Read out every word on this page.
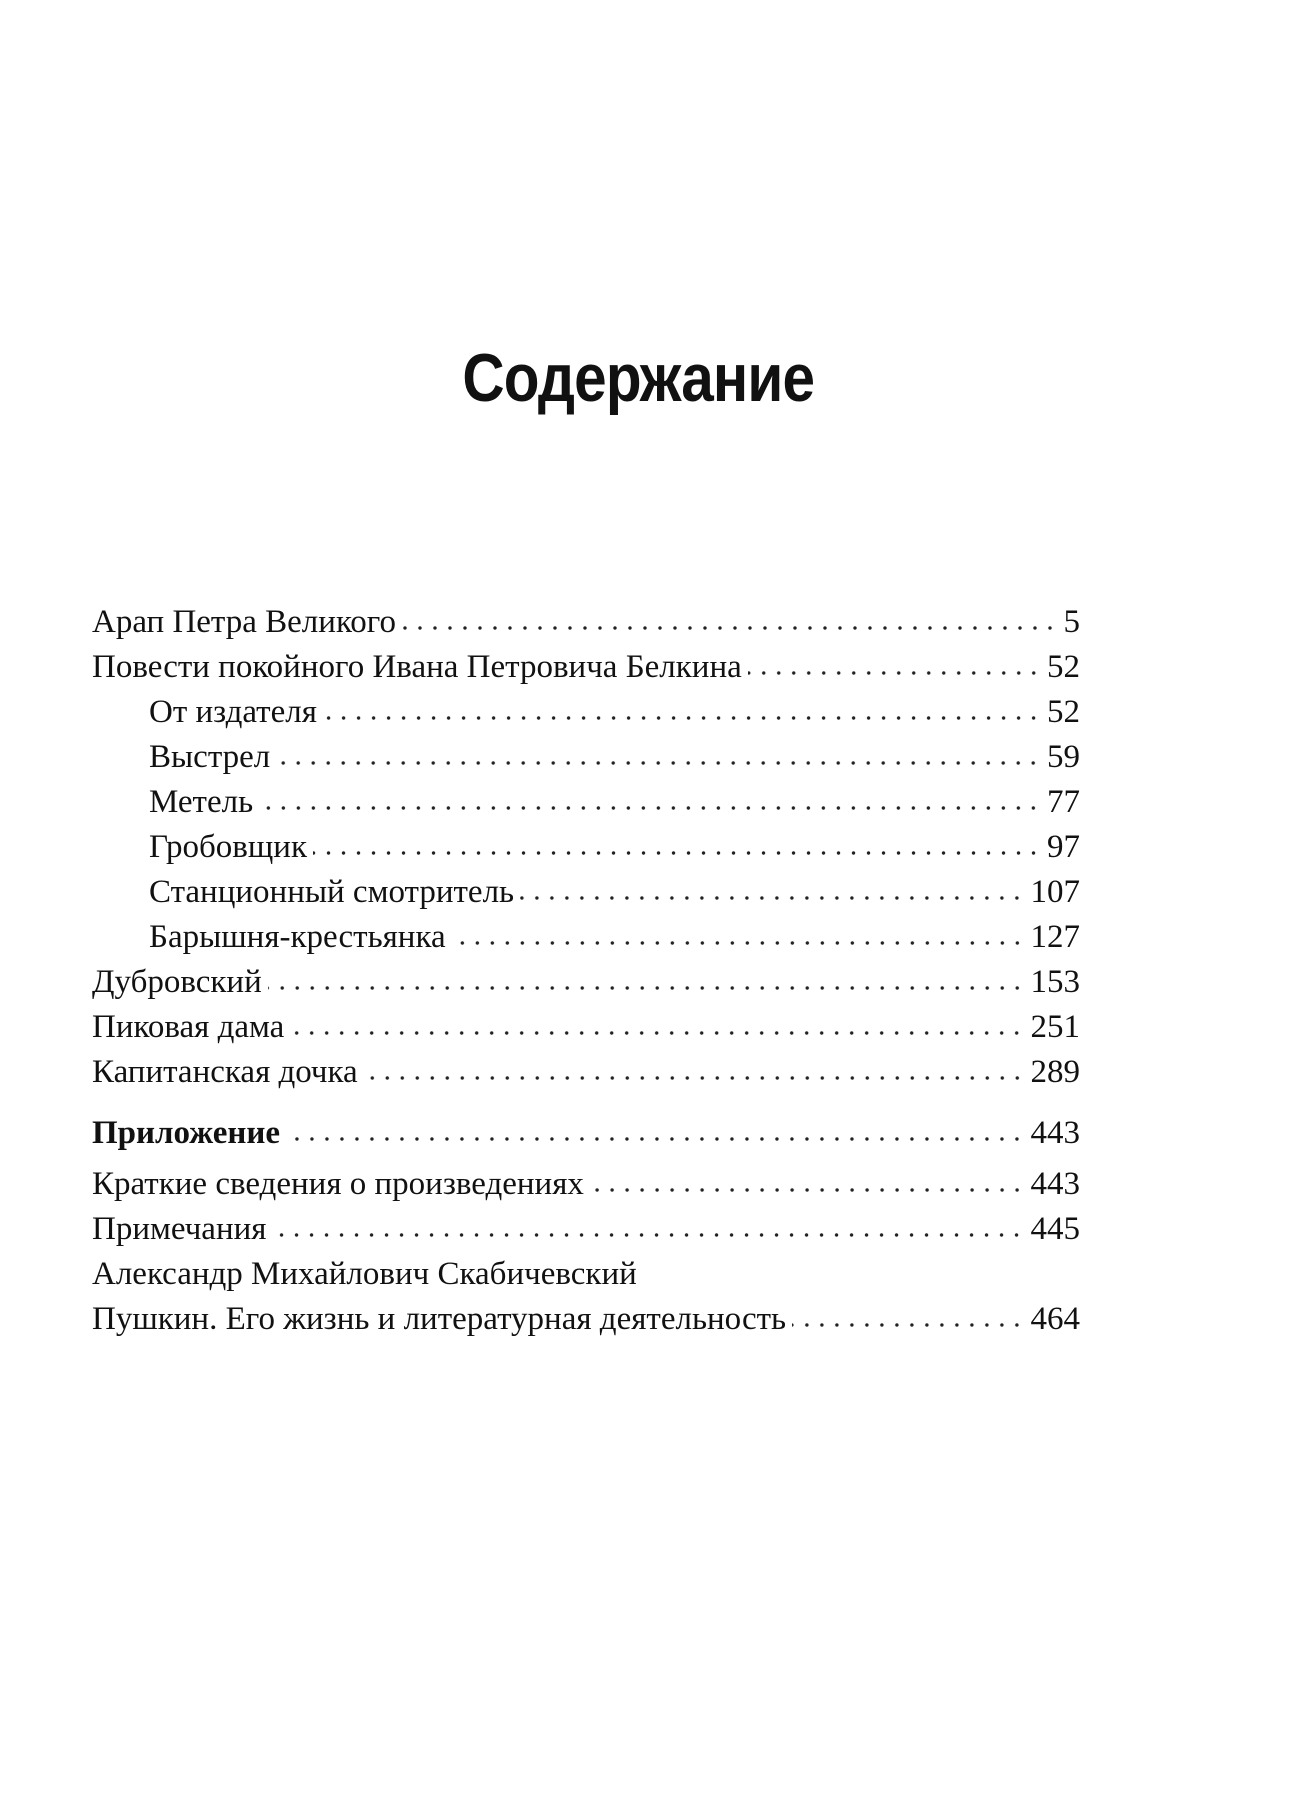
Содержание
Арап Петра Великого	5
Повести покойного Ивана Петровича Белкина	52
От издателя	52
Выстрел	59
Метель	77
Гробовщик	97
Станционный смотритель	107
Барышня-крестьянка	127
Дубровский	153
Пиковая дама	251
Капитанская дочка	289
Приложение	443
Краткие сведения о произведениях	443
Примечания	445
Александр Михайлович Скабичевский
Пушкин. Его жизнь и литературная деятельность	464
